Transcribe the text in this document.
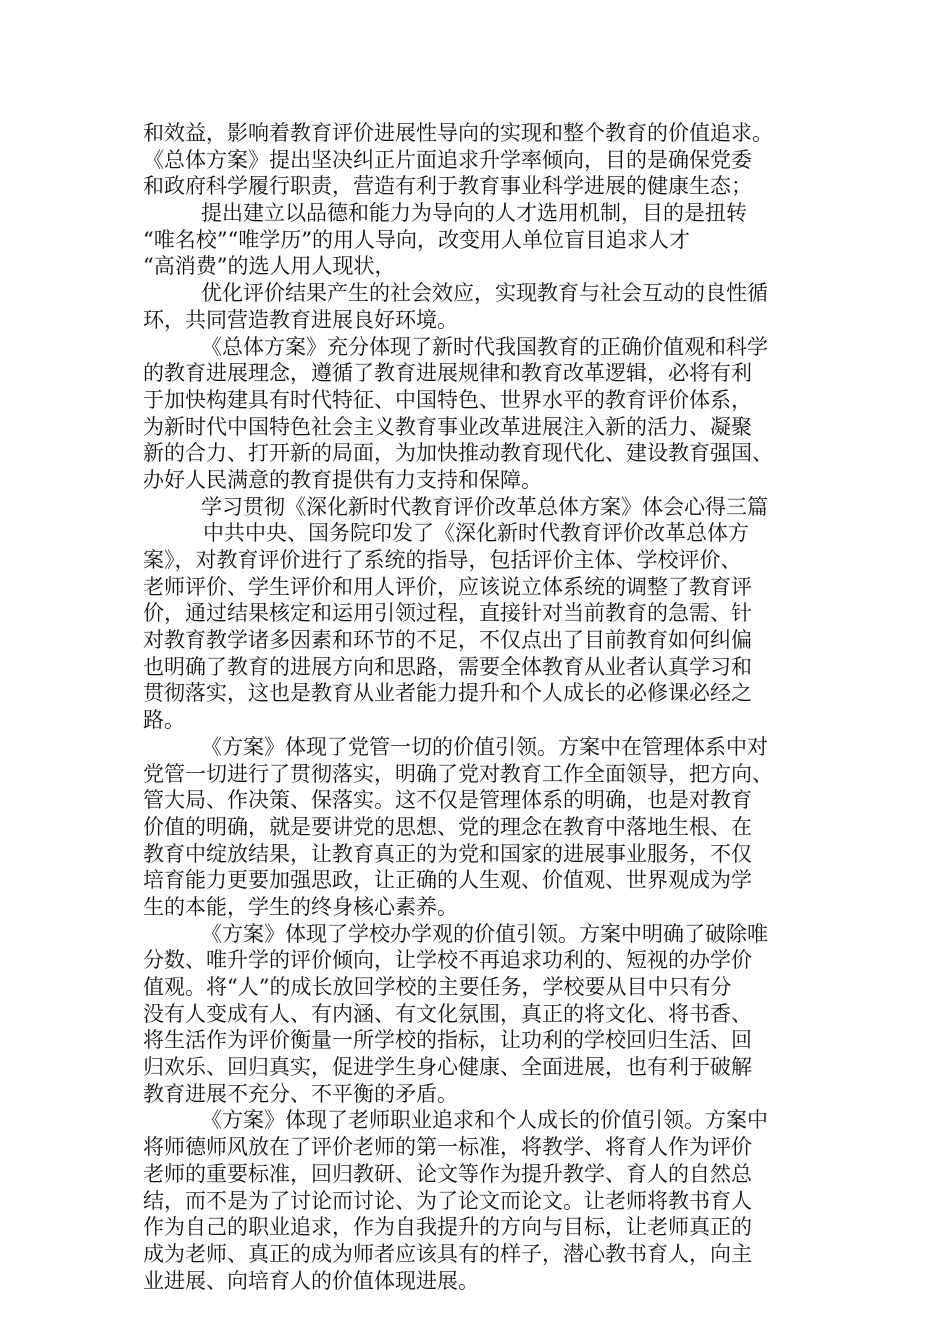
和效益，影响着教育评价进展性导向的实现和整个教育的价值追求。
《总体方案》提出坚决纠正片面追求升学率倾向，目的是确保党委
和政府科学履行职责，营造有利于教育事业科学进展的健康生态；
提出建立以品德和能力为导向的人才选用机制，目的是扭转
“唯名校”“唯学历”的用人导向，改变用人单位盲目追求人才
“高消费”的选人用人现状，
优化评价结果产生的社会效应，实现教育与社会互动的良性循
环，共同营造教育进展良好环境。
《总体方案》充分体现了新时代我国教育的正确价值观和科学
的教育进展理念，遵循了教育进展规律和教育改革逻辑，必将有利
于加快构建具有时代特征、中国特色、世界水平的教育评价体系，
为新时代中国特色社会主义教育事业改革进展注入新的活力、凝聚
新的合力、打开新的局面，为加快推动教育现代化、建设教育强国、
办好人民满意的教育提供有力支持和保障。
学习贯彻《深化新时代教育评价改革总体方案》体会心得三篇
中共中央、国务院印发了《深化新时代教育评价改革总体方
案》，对教育评价进行了系统的指导，包括评价主体、学校评价、
老师评价、学生评价和用人评价，应该说立体系统的调整了教育评
价，通过结果核定和运用引领过程，直接针对当前教育的急需、针
对教育教学诸多因素和环节的不足，不仅点出了目前教育如何纠偏
也明确了教育的进展方向和思路，需要全体教育从业者认真学习和
贯彻落实，这也是教育从业者能力提升和个人成长的必修课必经之
路。
《方案》体现了党管一切的价值引领。方案中在管理体系中对
党管一切进行了贯彻落实，明确了党对教育工作全面领导，把方向、
管大局、作决策、保落实。这不仅是管理体系的明确，也是对教育
价值的明确，就是要讲党的思想、党的理念在教育中落地生根、在
教育中绽放结果，让教育真正的为党和国家的进展事业服务，不仅
培育能力更要加强思政，让正确的人生观、价值观、世界观成为学
生的本能，学生的终身核心素养。
《方案》体现了学校办学观的价值引领。方案中明确了破除唯
分数、唯升学的评价倾向，让学校不再追求功利的、短视的办学价
值观。将“人”的成长放回学校的主要任务，学校要从目中只有分
没有人变成有人、有内涵、有文化氛围，真正的将文化、将书香、
将生活作为评价衡量一所学校的指标，让功利的学校回归生活、回
归欢乐、回归真实，促进学生身心健康、全面进展，也有利于破解
教育进展不充分、不平衡的矛盾。
《方案》体现了老师职业追求和个人成长的价值引领。方案中
将师德师风放在了评价老师的第一标准，将教学、将育人作为评价
老师的重要标准，回归教研、论文等作为提升教学、育人的自然总
结，而不是为了讨论而讨论、为了论文而论文。让老师将教书育人
作为自己的职业追求，作为自我提升的方向与目标，让老师真正的
成为老师、真正的成为师者应该具有的样子，潜心教书育人，向主
业进展、向培育人的价值体现进展。
